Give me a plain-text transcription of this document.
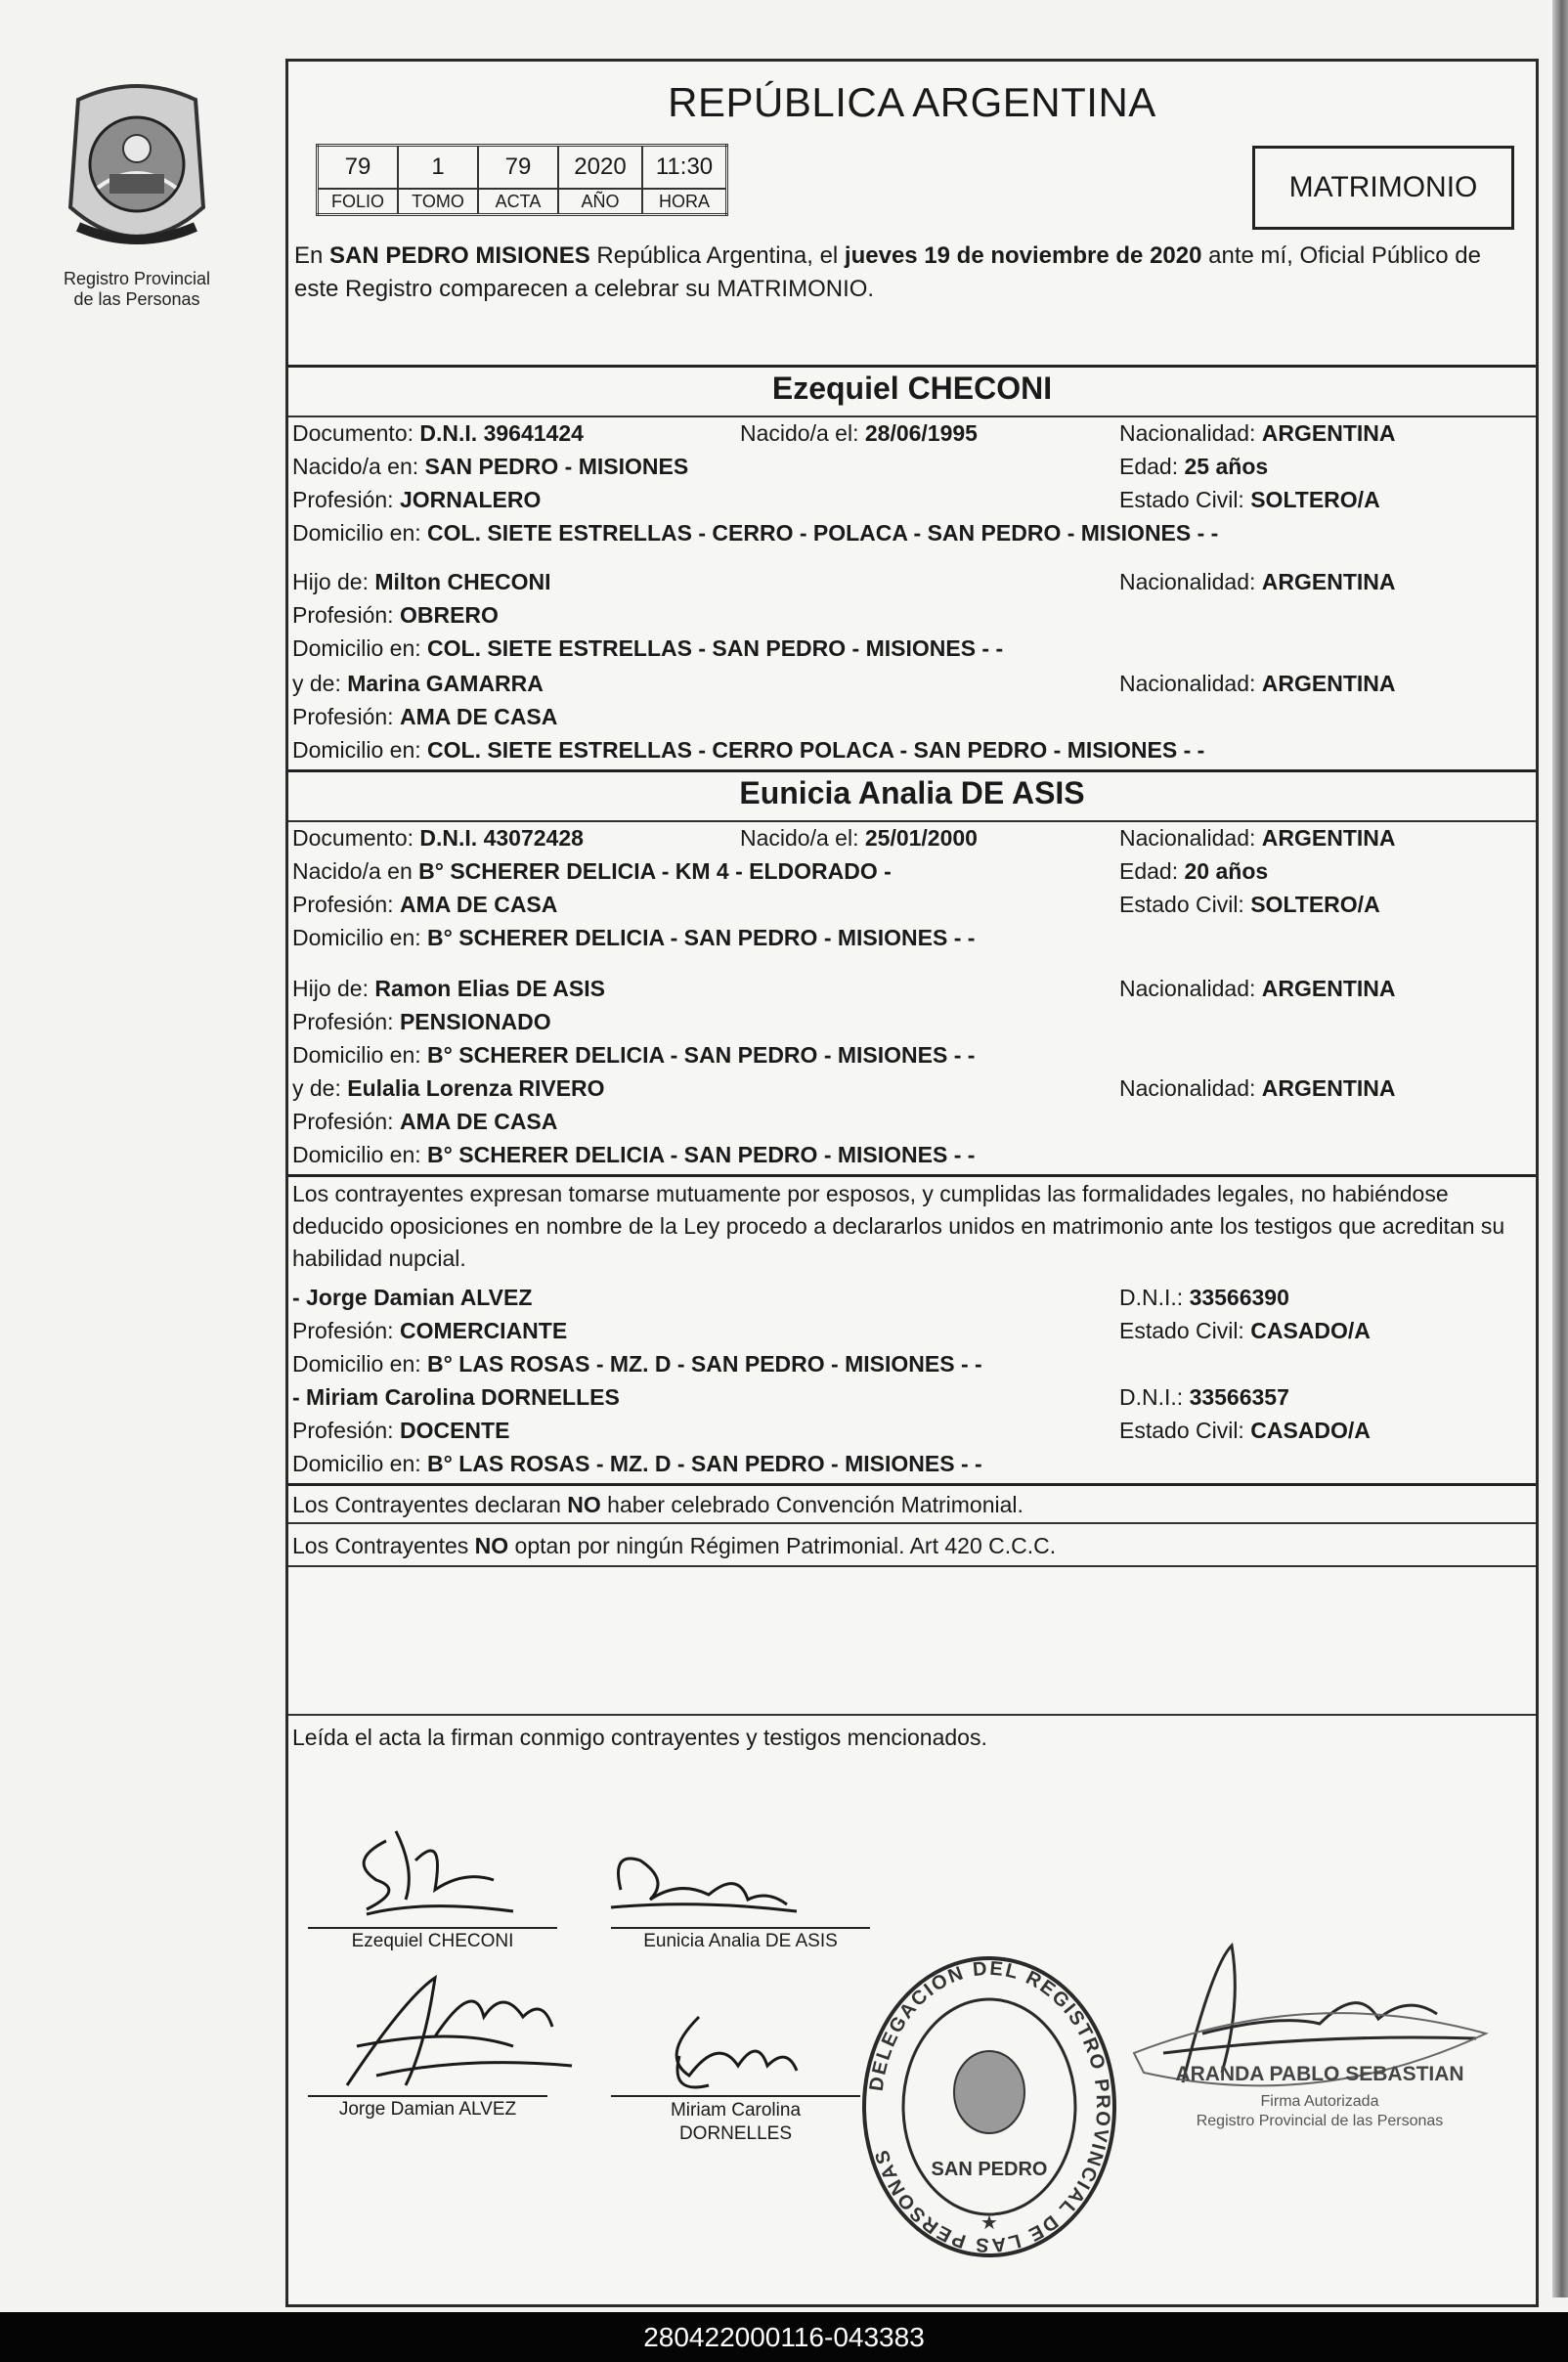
Registro Provincial
de las Personas
REPÚBLICA ARGENTINA
79	1	79	2020	11:30
FOLIO	TOMO	ACTA	AÑO	HORA	MATRIMONIO
En SAN PEDRO MISIONES República Argentina, el jueves 19 de noviembre de 2020 ante mí, Oficial Público de este Registro comparecen a celebrar su MATRIMONIO.
Ezequiel CHECONI
Documento: D.N.I. 39641424	Nacido/a el: 28/06/1995	Nacionalidad: ARGENTINA
Nacido/a en: SAN PEDRO - MISIONES	Edad: 25 años
Profesión: JORNALERO	Estado Civil: SOLTERO/A
Domicilio en: COL. SIETE ESTRELLAS - CERRO - POLACA - SAN PEDRO - MISIONES - -
Hijo de: Milton CHECONI	Nacionalidad: ARGENTINA
Profesión: OBRERO
Domicilio en: COL. SIETE ESTRELLAS - SAN PEDRO - MISIONES - -
y de: Marina GAMARRA	Nacionalidad: ARGENTINA
Profesión: AMA DE CASA
Domicilio en: COL. SIETE ESTRELLAS - CERRO POLACA - SAN PEDRO - MISIONES - -
Eunicia Analia DE ASIS
Documento: D.N.I. 43072428	Nacido/a el: 25/01/2000	Nacionalidad: ARGENTINA
Nacido/a en B° SCHERER DELICIA - KM 4 - ELDORADO -	Edad: 20 años
Profesión: AMA DE CASA	Estado Civil: SOLTERO/A
Domicilio en: B° SCHERER DELICIA - SAN PEDRO - MISIONES - -
Hijo de: Ramon Elias DE ASIS	Nacionalidad: ARGENTINA
Profesión: PENSIONADO
Domicilio en: B° SCHERER DELICIA - SAN PEDRO - MISIONES - -
y de: Eulalia Lorenza RIVERO	Nacionalidad: ARGENTINA
Profesión: AMA DE CASA
Domicilio en: B° SCHERER DELICIA - SAN PEDRO - MISIONES - -
Los contrayentes expresan tomarse mutuamente por esposos, y cumplidas las formalidades legales, no habiéndose deducido oposiciones en nombre de la Ley procedo a declararlos unidos en matrimonio ante los testigos que acreditan su habilidad nupcial.
- Jorge Damian ALVEZ	D.N.I.: 33566390
Profesión: COMERCIANTE	Estado Civil: CASADO/A
Domicilio en: B° LAS ROSAS - MZ. D - SAN PEDRO - MISIONES - -
- Miriam Carolina DORNELLES	D.N.I.: 33566357
Profesión: DOCENTE	Estado Civil: CASADO/A
Domicilio en: B° LAS ROSAS - MZ. D - SAN PEDRO - MISIONES - -
Los Contrayentes declaran NO haber celebrado Convención Matrimonial.
Los Contrayentes NO optan por ningún Régimen Patrimonial. Art 420 C.C.C.
Leída el acta la firman conmigo contrayentes y testigos mencionados.
Ezequiel CHECONI	Eunicia Analia DE ASIS
Jorge Damian ALVEZ	Miriam Carolina
DORNELLES
DELEGACIÓN DEL REGISTRO PROVINCIAL DE LAS PERSONAS
SAN PEDRO
★
ARANDA PABLO SEBASTIAN
Firma Autorizada
Registro Provincial de las Personas
280422000116-043383
